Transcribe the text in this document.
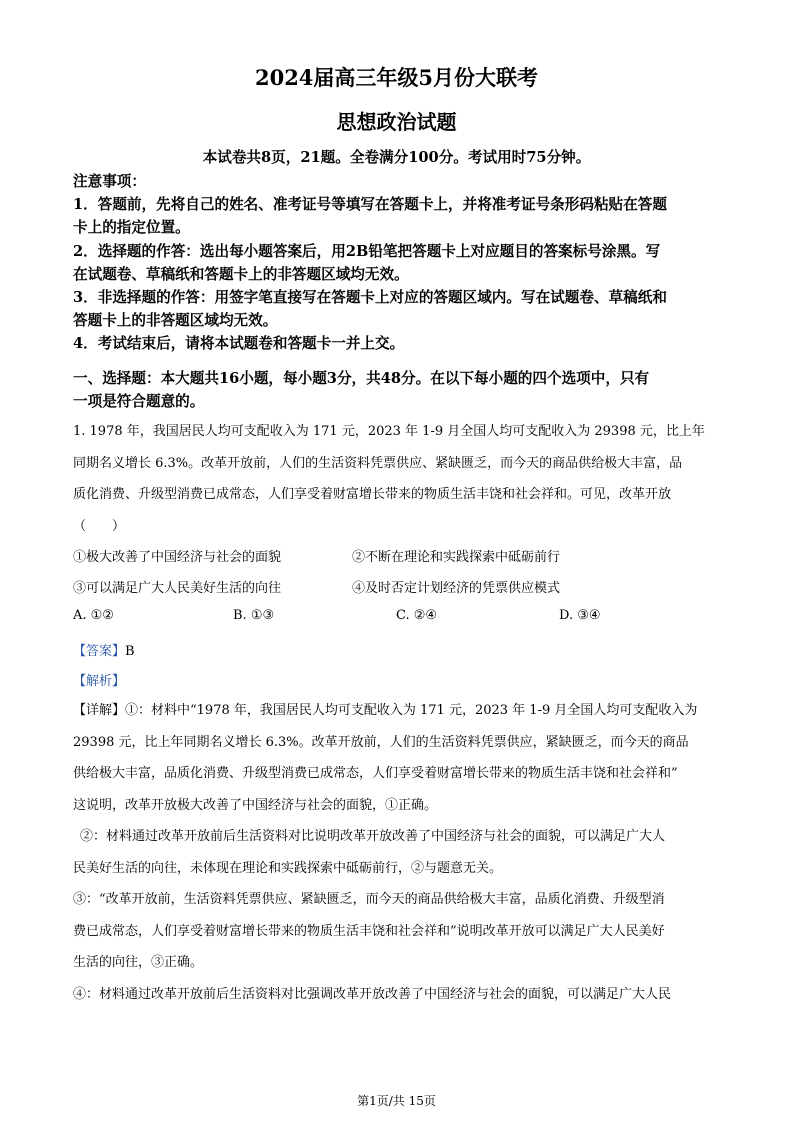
2024届高三年级5月份大联考
思想政治试题
本试卷共8页，21题。全卷满分100分。考试用时75分钟。
注意事项：
1．答题前，先将自己的姓名、准考证号等填写在答题卡上，并将准考证号条形码粘贴在答题
卡上的指定位置。
2．选择题的作答：选出每小题答案后，用2B铅笔把答题卡上对应题目的答案标号涂黑。写
在试题卷、草稿纸和答题卡上的非答题区域均无效。
3．非选择题的作答：用签字笔直接写在答题卡上对应的答题区域内。写在试题卷、草稿纸和
答题卡上的非答题区域均无效。
4．考试结束后，请将本试题卷和答题卡一并上交。
一、选择题：本大题共16小题，每小题3分，共48分。在以下每小题的四个选项中，只有
一项是符合题意的。
1. 1978 年，我国居民人均可支配收入为 171 元，2023 年 1-9 月全国人均可支配收入为 29398 元，比上年
同期名义增长 6.3%。改革开放前，人们的生活资料凭票供应、紧缺匮乏，而今天的商品供给极大丰富，品
质化消费、升级型消费已成常态，人们享受着财富增长带来的物质生活丰饶和社会祥和。可见，改革开放
（　　）
①极大改善了中国经济与社会的面貌	②不断在理论和实践探索中砥砺前行
③可以满足广大人民美好生活的向往	④及时否定计划经济的凭票供应模式
A. ①②	B. ①③	C. ②④	D. ③④
【答案】B
【解析】
【详解】①：材料中“1978 年，我国居民人均可支配收入为 171 元，2023 年 1-9 月全国人均可支配收入为
29398 元，比上年同期名义增长 6.3%。改革开放前，人们的生活资料凭票供应，紧缺匮乏，而今天的商品
供给极大丰富，品质化消费、升级型消费已成常态，人们享受着财富增长带来的物质生活丰饶和社会祥和”
这说明，改革开放极大改善了中国经济与社会的面貌，①正确。
②：材料通过改革开放前后生活资料对比说明改革开放改善了中国经济与社会的面貌，可以满足广大人
民美好生活的向往，未体现在理论和实践探索中砥砺前行，②与题意无关。
③：“改革开放前，生活资料凭票供应、紧缺匮乏，而今天的商品供给极大丰富，品质化消费、升级型消
费已成常态，人们享受着财富增长带来的物质生活丰饶和社会祥和”说明改革开放可以满足广大人民美好
生活的向往，③正确。
④：材料通过改革开放前后生活资料对比强调改革开放改善了中国经济与社会的面貌，可以满足广大人民
第1页/共 15页
